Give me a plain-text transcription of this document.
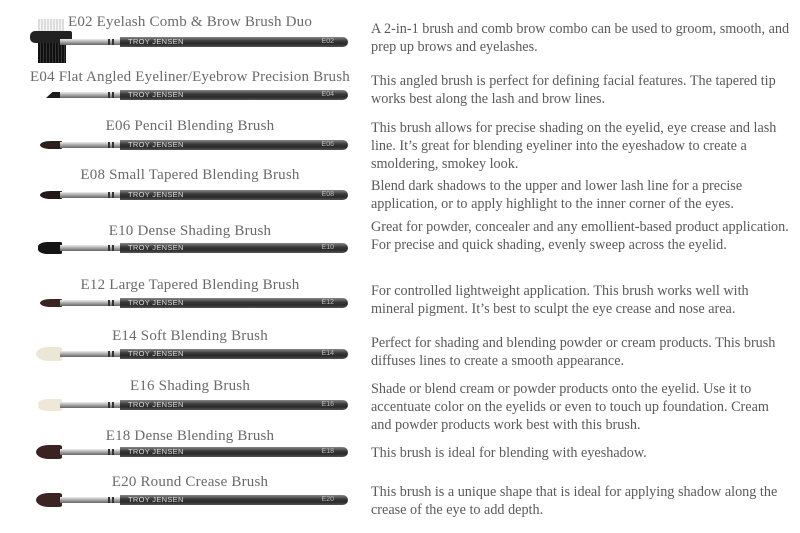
E02 Eyelash Comb & Brow Brush Duo
TROY JENSEN	E02
A 2-in-1 brush and comb brow combo can be used to groom, smooth, and prep up brows and eyelashes.
E04 Flat Angled Eyeliner/Eyebrow Precision Brush
TROY JENSEN	E04
This angled brush is perfect for defining facial features. The tapered tip works best along the lash and brow lines.
E06 Pencil Blending Brush
TROY JENSEN	E06
This brush allows for precise shading on the eyelid, eye crease and lash line. It’s great for blending eyeliner into the eyeshadow to create a smoldering, smokey look.
E08 Small Tapered Blending Brush
TROY JENSEN	E08
Blend dark shadows to the upper and lower lash line for a precise application, or to apply highlight to the inner corner of the eyes.
E10 Dense Shading Brush
TROY JENSEN	E10
Great for powder, concealer and any emollient-based product application. For precise and quick shading, evenly sweep across the eyelid.
E12 Large Tapered Blending Brush
TROY JENSEN	E12
For controlled lightweight application. This brush works well with mineral pigment. It’s best to sculpt the eye crease and nose area.
E14 Soft Blending Brush
TROY JENSEN	E14
Perfect for shading and blending powder or cream products. This brush diffuses lines to create a smooth appearance.
E16 Shading Brush
TROY JENSEN	E16
Shade or blend cream or powder products onto the eyelid. Use it to accentuate color on the eyelids or even to touch up foundation. Cream and powder products work best with this brush.
E18 Dense Blending Brush
TROY JENSEN	E18	This brush is ideal for blending with eyeshadow.
E20 Round Crease Brush
TROY JENSEN	E20	This brush is a unique shape that is ideal for applying shadow along the crease of the eye to add depth.
